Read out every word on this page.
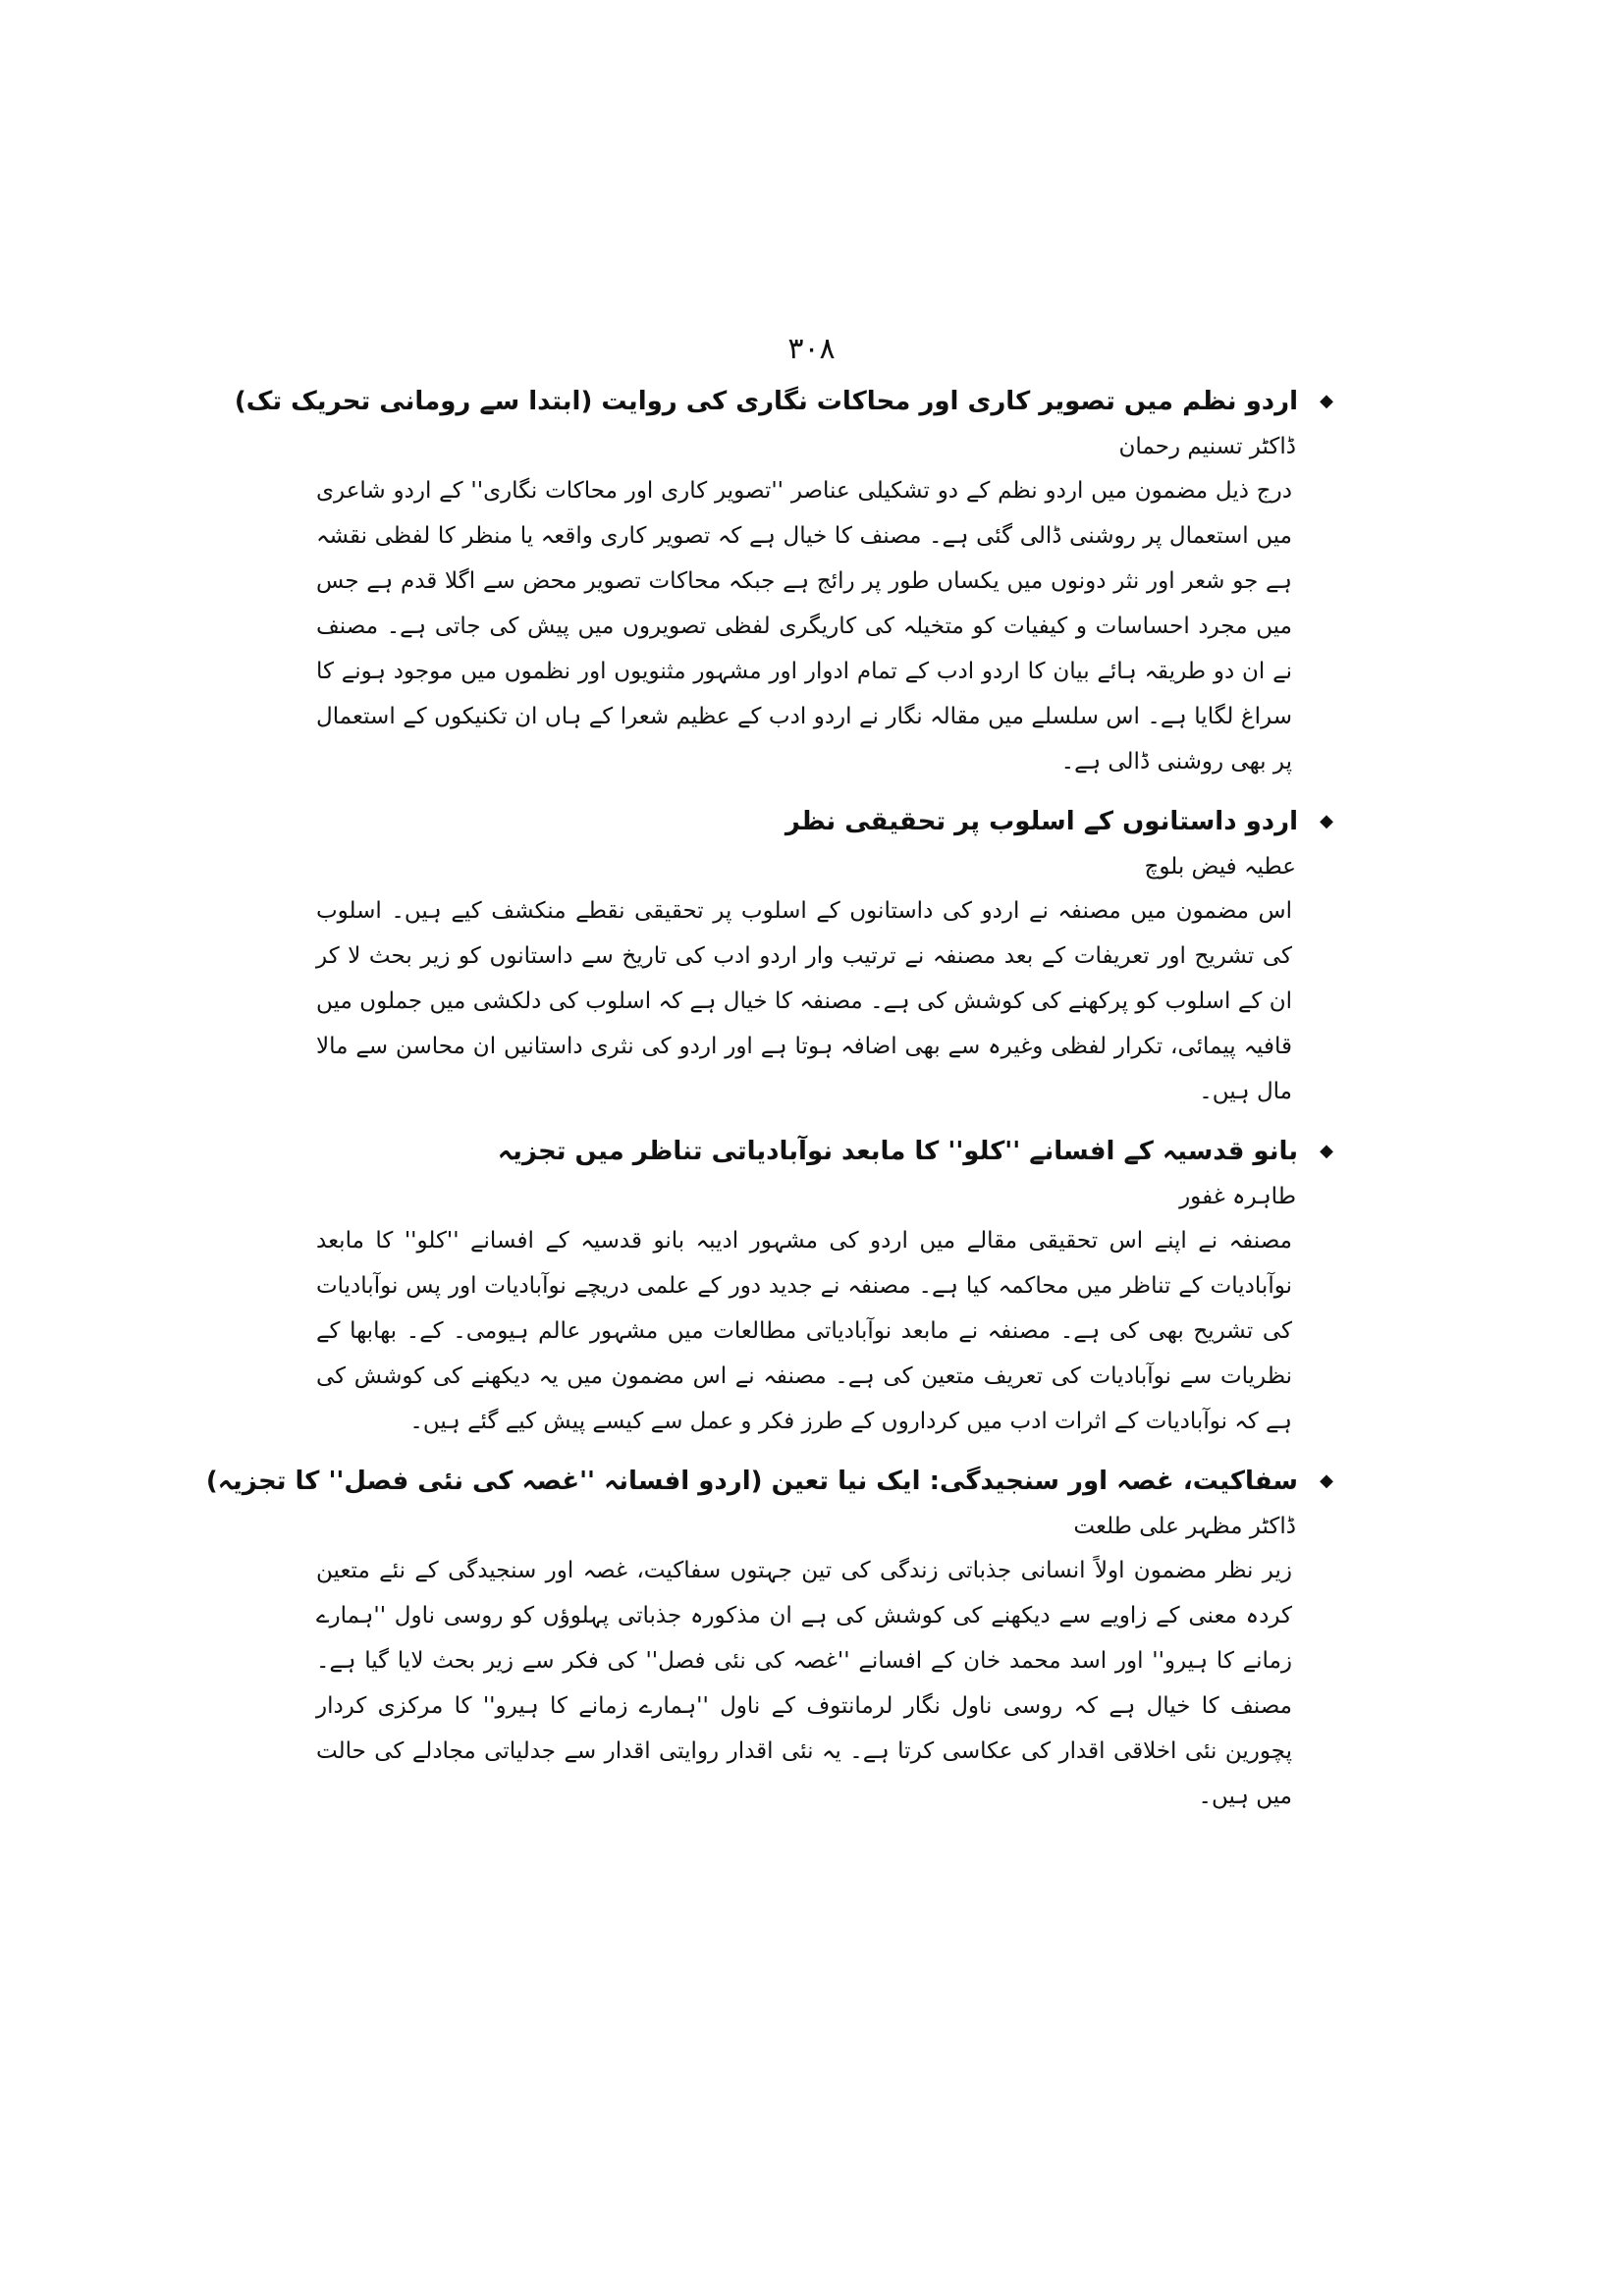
۳۰۸
◆
اردو نظم میں تصویر کاری اور محاکات نگاری کی روایت (ابتدا سے رومانی تحریک تک)
ڈاکٹر تسنیم رحمان
درج ذیل مضمون میں اردو نظم کے دو تشکیلی عناصر ''تصویر کاری اور محاکات نگاری'' کے اردو شاعری میں استعمال پر روشنی ڈالی گئی ہے۔ مصنف کا خیال ہے کہ تصویر کاری واقعہ یا منظر کا لفظی نقشہ ہے جو شعر اور نثر دونوں میں یکساں طور پر رائج ہے جبکہ محاکات تصویر محض سے اگلا قدم ہے جس میں مجرد احساسات و کیفیات کو متخیلہ کی کاریگری لفظی تصویروں میں پیش کی جاتی ہے۔ مصنف نے ان دو طریقہ ہائے بیان کا اردو ادب کے تمام ادوار اور مشہور مثنویوں اور نظموں میں موجود ہونے کا سراغ لگایا ہے۔ اس سلسلے میں مقالہ نگار نے اردو ادب کے عظیم شعرا کے ہاں ان تکنیکوں کے استعمال پر بھی روشنی ڈالی ہے۔
◆
اردو داستانوں کے اسلوب پر تحقیقی نظر
عطیہ فیض بلوچ
اس مضمون میں مصنفہ نے اردو کی داستانوں کے اسلوب پر تحقیقی نقطے منکشف کیے ہیں۔ اسلوب کی تشریح اور تعریفات کے بعد مصنفہ نے ترتیب وار اردو ادب کی تاریخ سے داستانوں کو زیر بحث لا کر ان کے اسلوب کو پرکھنے کی کوشش کی ہے۔ مصنفہ کا خیال ہے کہ اسلوب کی دلکشی میں جملوں میں قافیہ پیمائی، تکرار لفظی وغیرہ سے بھی اضافہ ہوتا ہے اور اردو کی نثری داستانیں ان محاسن سے مالا مال ہیں۔
◆
بانو قدسیہ کے افسانے ''کلو'' کا مابعد نوآبادیاتی تناظر میں تجزیہ
طاہرہ غفور
مصنفہ نے اپنے اس تحقیقی مقالے میں اردو کی مشہور ادیبہ بانو قدسیہ کے افسانے ''کلو'' کا مابعد نوآبادیات کے تناظر میں محاکمہ کیا ہے۔ مصنفہ نے جدید دور کے علمی دریچے نوآبادیات اور پس نوآبادیات کی تشریح بھی کی ہے۔ مصنفہ نے مابعد نوآبادیاتی مطالعات میں مشہور عالم ہیومی۔ کے۔ بھابھا کے نظریات سے نوآبادیات کی تعریف متعین کی ہے۔ مصنفہ نے اس مضمون میں یہ دیکھنے کی کوشش کی ہے کہ نوآبادیات کے اثرات ادب میں کرداروں کے طرز فکر و عمل سے کیسے پیش کیے گئے ہیں۔
◆
سفاکیت، غصہ اور سنجیدگی: ایک نیا تعین (اردو افسانہ ''غصہ کی نئی فصل'' کا تجزیہ)
ڈاکٹر مظہر علی طلعت
زیر نظر مضمون اولاً انسانی جذباتی زندگی کی تین جہتوں سفاکیت، غصہ اور سنجیدگی کے نئے متعین کردہ معنی کے زاویے سے دیکھنے کی کوشش کی ہے ان مذکورہ جذباتی پہلوؤں کو روسی ناول ''ہمارے زمانے کا ہیرو'' اور اسد محمد خان کے افسانے ''غصہ کی نئی فصل'' کی فکر سے زیر بحث لایا گیا ہے۔ مصنف کا خیال ہے کہ روسی ناول نگار لرمانتوف کے ناول ''ہمارے زمانے کا ہیرو'' کا مرکزی کردار پچورین نئی اخلاقی اقدار کی عکاسی کرتا ہے۔ یہ نئی اقدار روایتی اقدار سے جدلیاتی مجادلے کی حالت میں ہیں۔
